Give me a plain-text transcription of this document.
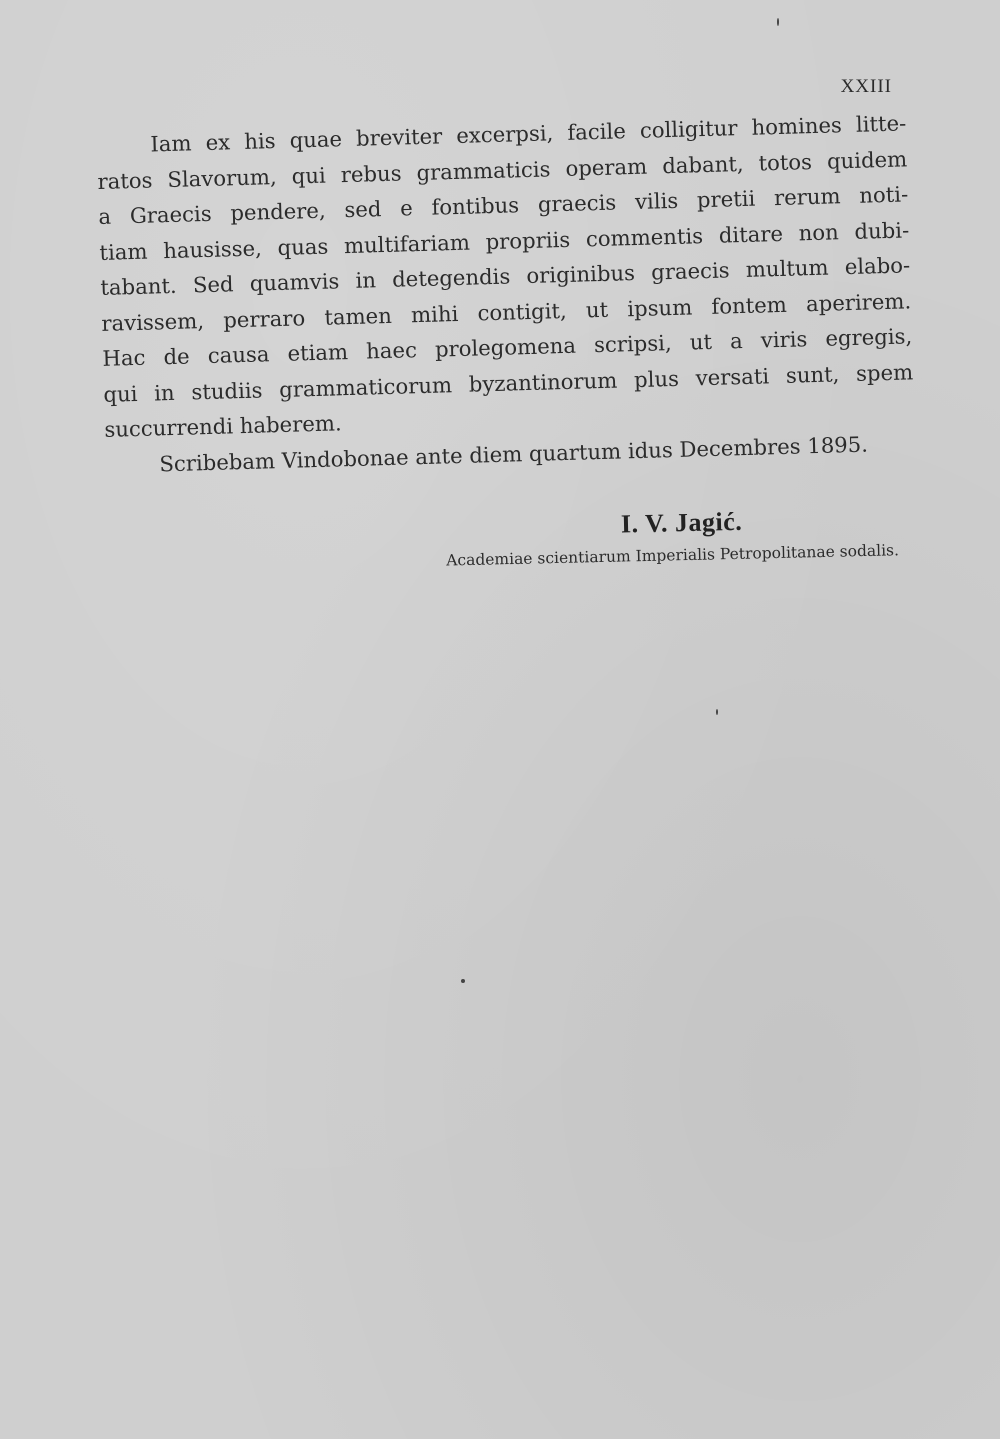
XXIII
Iam ex his quae breviter excerpsi, facile colligitur homines litte-
ratos Slavorum, qui rebus grammaticis operam dabant, totos quidem
a Graecis pendere, sed e fontibus graecis vilis pretii rerum noti-
tiam hausisse, quas multifariam propriis commentis ditare non dubi-
tabant. Sed quamvis in detegendis originibus graecis multum elabo-
ravissem, perraro tamen mihi contigit, ut ipsum fontem aperirem.
Hac de causa etiam haec prolegomena scripsi, ut a viris egregis,
qui in studiis grammaticorum byzantinorum plus versati sunt, spem
succurrendi haberem.
Scribebam Vindobonae ante diem quartum idus Decembres 1895.
I. V. Jagić.
Academiae scientiarum Imperialis Petropolitanae sodalis.
